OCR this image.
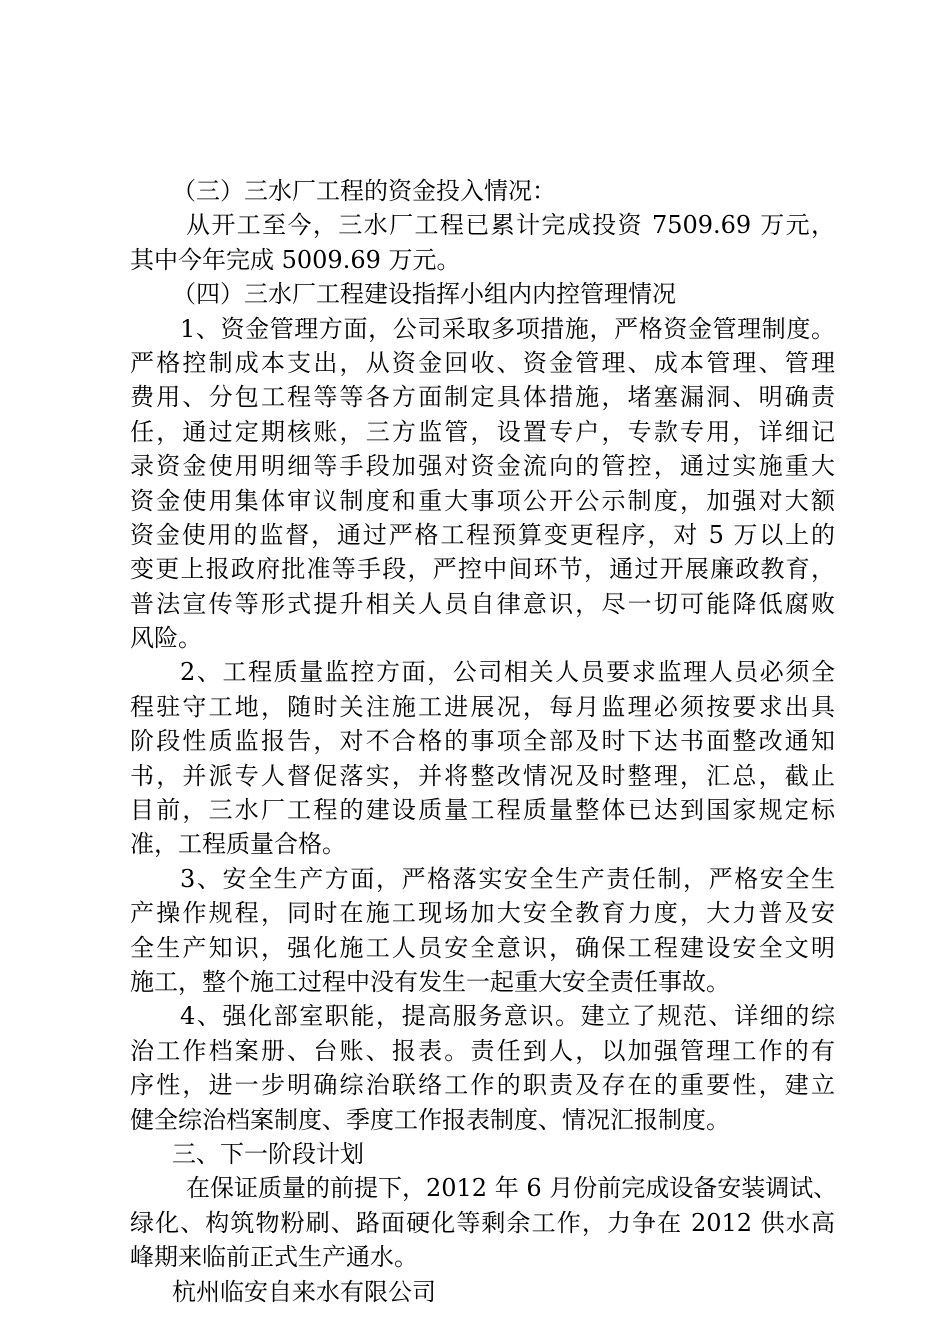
（三）三水厂工程的资金投入情况：
从开工至今，三水厂工程已累计完成投资 7509.69 万元，
其中今年完成 5009.69 万元。
（四）三水厂工程建设指挥小组内内控管理情况
1、资金管理方面，公司采取多项措施，严格资金管理制度。
严格控制成本支出，从资金回收、资金管理、成本管理、管理
费用、分包工程等等各方面制定具体措施，堵塞漏洞、明确责
任，通过定期核账，三方监管，设置专户，专款专用，详细记
录资金使用明细等手段加强对资金流向的管控，通过实施重大
资金使用集体审议制度和重大事项公开公示制度，加强对大额
资金使用的监督，通过严格工程预算变更程序，对 5 万以上的
变更上报政府批准等手段，严控中间环节，通过开展廉政教育，
普法宣传等形式提升相关人员自律意识，尽一切可能降低腐败
风险。
2、工程质量监控方面，公司相关人员要求监理人员必须全
程驻守工地，随时关注施工进展况，每月监理必须按要求出具
阶段性质监报告，对不合格的事项全部及时下达书面整改通知
书，并派专人督促落实，并将整改情况及时整理，汇总，截止
目前，三水厂工程的建设质量工程质量整体已达到国家规定标
准，工程质量合格。
3、安全生产方面，严格落实安全生产责任制，严格安全生
产操作规程，同时在施工现场加大安全教育力度，大力普及安
全生产知识，强化施工人员安全意识，确保工程建设安全文明
施工，整个施工过程中没有发生一起重大安全责任事故。
4、强化部室职能，提高服务意识。建立了规范、详细的综
治工作档案册、台账、报表。责任到人，以加强管理工作的有
序性，进一步明确综治联络工作的职责及存在的重要性，建立
健全综治档案制度、季度工作报表制度、情况汇报制度。
三、下一阶段计划
在保证质量的前提下，2012 年 6 月份前完成设备安装调试、
绿化、构筑物粉刷、路面硬化等剩余工作，力争在 2012 供水高
峰期来临前正式生产通水。
杭州临安自来水有限公司
